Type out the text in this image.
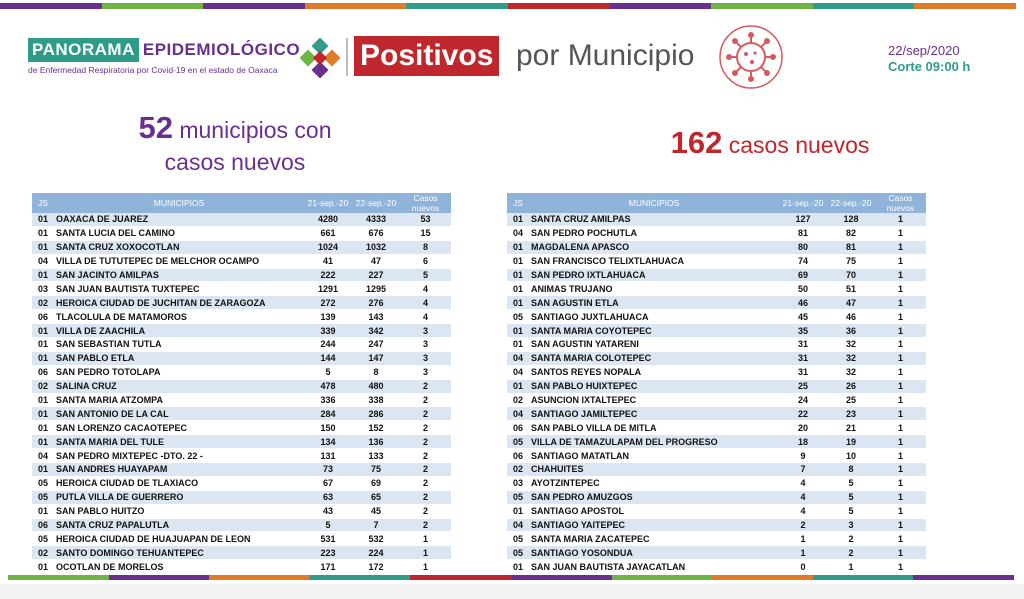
PANORAMA EPIDEMIOLÓGICO
de Enfermedad Respiratoria por Covid-19 en el estado de Oaxaca	Positivos por Municipio	22/sep/2020
Corte 09:00 h
52 municipios con
casos nuevos
162 casos nuevos
JS	MUNICIPIOS	21-sep.-20	22-sep.-20	Casos nuevos
01	OAXACA DE JUAREZ	4280	4333	53
01	SANTA LUCIA DEL CAMINO	661	676	15
01	SANTA CRUZ XOXOCOTLAN	1024	1032	8
04	VILLA DE TUTUTEPEC DE MELCHOR OCAMPO	41	47	6
01	SAN JACINTO AMILPAS	222	227	5
03	SAN JUAN BAUTISTA TUXTEPEC	1291	1295	4
02	HEROICA CIUDAD DE JUCHITAN DE ZARAGOZA	272	276	4
06	TLACOLULA DE MATAMOROS	139	143	4
01	VILLA DE ZAACHILA	339	342	3
01	SAN SEBASTIAN TUTLA	244	247	3
01	SAN PABLO ETLA	144	147	3
06	SAN PEDRO TOTOLAPA	5	8	3
02	SALINA CRUZ	478	480	2
01	SANTA MARIA ATZOMPA	336	338	2
01	SAN ANTONIO DE LA CAL	284	286	2
01	SAN LORENZO CACAOTEPEC	150	152	2
01	SANTA MARIA DEL TULE	134	136	2
04	SAN PEDRO MIXTEPEC -DTO. 22 -	131	133	2
01	SAN ANDRES HUAYAPAM	73	75	2
05	HEROICA CIUDAD DE TLAXIACO	67	69	2
05	PUTLA VILLA DE GUERRERO	63	65	2
01	SAN PABLO HUITZO	43	45	2
06	SANTA CRUZ PAPALUTLA	5	7	2
05	HEROICA CIUDAD DE HUAJUAPAN DE LEON	531	532	1
02	SANTO DOMINGO TEHUANTEPEC	223	224	1
01	OCOTLAN DE MORELOS	171	172	1
JS	MUNICIPIOS	21-sep.-20	22-sep.-20	Casos nuevos
01	SANTA CRUZ AMILPAS	127	128	1
04	SAN PEDRO POCHUTLA	81	82	1
01	MAGDALENA APASCO	80	81	1
01	SAN FRANCISCO TELIXTLAHUACA	74	75	1
01	SAN PEDRO IXTLAHUACA	69	70	1
01	ANIMAS TRUJANO	50	51	1
01	SAN AGUSTIN ETLA	46	47	1
05	SANTIAGO JUXTLAHUACA	45	46	1
01	SANTA MARIA COYOTEPEC	35	36	1
01	SAN AGUSTIN YATARENI	31	32	1
04	SANTA MARIA COLOTEPEC	31	32	1
04	SANTOS REYES NOPALA	31	32	1
01	SAN PABLO HUIXTEPEC	25	26	1
02	ASUNCION IXTALTEPEC	24	25	1
04	SANTIAGO JAMILTEPEC	22	23	1
06	SAN PABLO VILLA DE MITLA	20	21	1
05	VILLA DE TAMAZULAPAM DEL PROGRESO	18	19	1
06	SANTIAGO MATATLAN	9	10	1
02	CHAHUITES	7	8	1
03	AYOTZINTEPEC	4	5	1
05	SAN PEDRO AMUZGOS	4	5	1
01	SANTIAGO APOSTOL	4	5	1
04	SANTIAGO YAITEPEC	2	3	1
05	SANTA MARIA ZACATEPEC	1	2	1
05	SANTIAGO YOSONDUA	1	2	1
01	SAN JUAN BAUTISTA JAYACATLAN	0	1	1
